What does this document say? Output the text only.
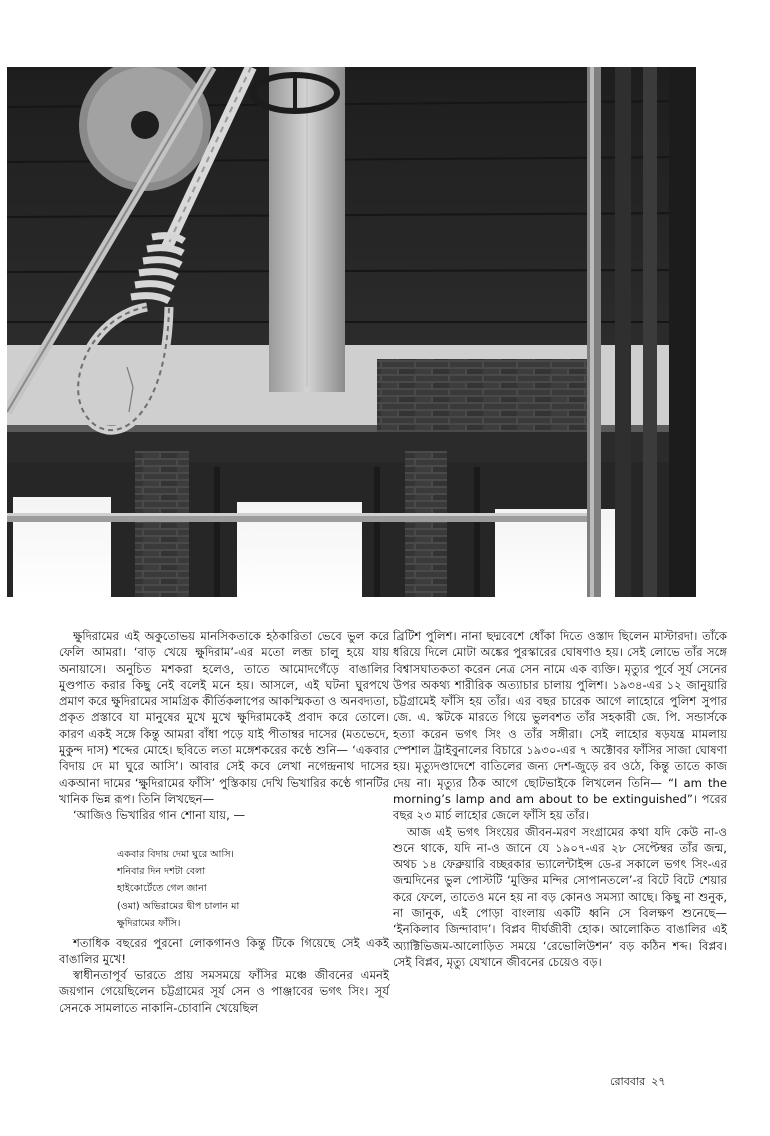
ক্ষুদিরামের এই অকুতোভয় মানসিকতাকে হঠকারিতা ভেবে ভুল করে ফেলি আমরা। ‘বাড় খেয়ে ক্ষুদিরাম’-এর মতো লব্জ চালু হয়ে যায় অনায়াসে। অনুচিত মশকরা হলেও, তাতে আমোদগেঁড়ে বাঙালির মুণ্ডপাত করার কিছু নেই বলেই মনে হয়। আসলে, এই ঘটনা ঘুরপথে প্রমাণ করে ক্ষুদিরামের সামগ্রিক কীর্তিকলাপের আকস্মিকতা ও অনবদ্যতা, প্রকৃত প্রস্তাবে যা মানুষের মুখে মুখে ক্ষুদিরামকেই প্রবাদ করে তোলে। কারণ একই সঙ্গে কিন্তু আমরা বাঁধা পড়ে যাই পীতাম্বর দাসের (মতভেদে, মুকুন্দ দাস) শব্দের মোহে। ছবিতে লতা মঙ্গেশকরের কণ্ঠে শুনি— ‘একবার বিদায় দে মা ঘুরে আসি’। আবার সেই কবে লেখা নগেন্দ্রনাথ দাসের একআনা দামের ‘ক্ষুদিরামের ফাঁসি’ পুস্তিকায় দেখি ভিখারির কণ্ঠে গানটির খানিক ভিন্ন রূপ। তিনি লিখছেন—

‘আজিও ভিখারির গান শোনা যায়, —

একবার বিদায় দেমা ঘুরে আসি।
শনিবার দিন দশটা বেলা
হাইকোর্টেতে গেল জানা
(ওমা) অভিরামের দ্বীপ চালান মা
ক্ষুদিরামের ফাঁসি।

শতাধিক বছরের পুরনো লোকগানও কিন্তু টিকে গিয়েছে সেই একই বাঙালির মুখে!

স্বাধীনতাপূর্ব ভারতে প্রায় সমসময়ে ফাঁসির মঞ্চে জীবনের এমনই জয়গান গেয়েছিলেন চট্টগ্রামের সূর্য সেন ও পাঞ্জাবের ভগৎ সিং। সূর্য সেনকে সামলাতে নাকানি-চোবানি খেয়েছিল

ব্রিটিশ পুলিশ। নানা ছদ্মবেশে ধোঁকা দিতে ওস্তাদ ছিলেন মাস্টারদা। তাঁকে ধরিয়ে দিলে মোটা অঙ্কের পুরস্কারের ঘোষণাও হয়। সেই লোভে তাঁর সঙ্গে বিশ্বাসঘাতকতা করেন নেত্র সেন নামে এক ব্যক্তি। মৃত্যুর পূর্বে সূর্য সেনের উপর অকথ্য শারীরিক অত্যাচার চালায় পুলিশ। ১৯৩৪-এর ১২ জানুয়ারি চট্টগ্রামেই ফাঁসি হয় তাঁর। এর বছর চারেক আগে লাহোরে পুলিশ সুপার জে. এ. স্কটকে মারতে গিয়ে ভুলবশত তাঁর সহকারী জে. পি. সন্ডার্সকে হত্যা করেন ভগৎ সিং ও তাঁর সঙ্গীরা। সেই লাহোর ষড়যন্ত্র মামলায় স্পেশাল ট্রাইবুনালের বিচারে ১৯৩০-এর ৭ অক্টোবর ফাঁসির সাজা ঘোষণা হয়। মৃত্যুদণ্ডাদেশে বাতিলের জন্য দেশ-জুড়ে রব ওঠে, কিন্তু তাতে কাজ দেয় না। মৃত্যুর ঠিক আগে ছোটভাইকে লিখলেন তিনি— “I am the morning’s lamp and am about to be extinguished”। পরের বছর ২৩ মার্চ লাহোর জেলে ফাঁসি হয় তাঁর।

আজ এই ভগৎ সিংয়ের জীবন-মরণ সংগ্রামের কথা যদি কেউ না-ও শুনে থাকে, যদি না-ও জানে যে ১৯০৭-এর ২৮ সেপ্টেম্বর তাঁর জন্ম, অথচ ১৪ ফেব্রুয়ারি বচ্ছরকার ভ্যালেন্টাইন্স ডে-র সকালে ভগৎ সিং-এর জন্মদিনের ভুল পোস্টটি ‘মুক্তির মন্দির সোপানতলে’-র বিটে বিটে শেয়ার করে ফেলে, তাতেও মনে হয় না বড় কোনও সমস্যা আছে। কিছু না শুনুক, না জানুক, এই পোড়া বাংলায় একটি ধ্বনি সে বিলক্ষণ শুনেছে— ‘ইনকিলাব জিন্দাবাদ’। বিপ্লব দীর্ঘজীবী হোক। আলোকিত বাঙালির এই অ্যাক্টিভিজম-আলোড়িত সময়ে ‘রেভোলিউশন’ বড় কঠিন শব্দ। বিপ্লব। সেই বিপ্লব, মৃত্যু যেখানে জীবনের চেয়েও বড়।

রোববার ২৭
